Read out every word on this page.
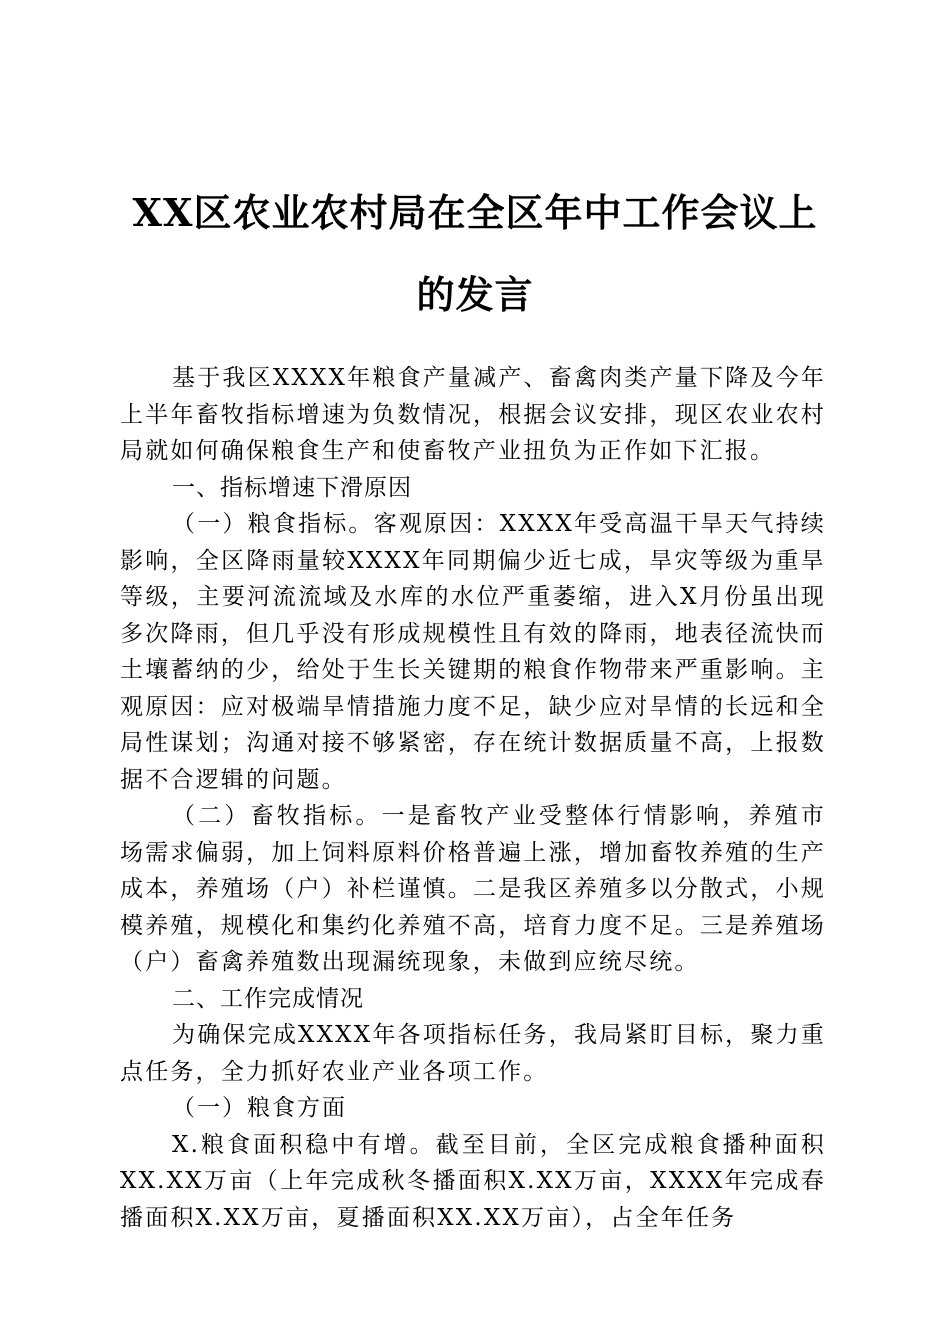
XX区农业农村局在全区年中工作会议上的发言

基于我区XXXX年粮食产量减产、畜禽肉类产量下降及今年上半年畜牧指标增速为负数情况，根据会议安排，现区农业农村局就如何确保粮食生产和使畜牧产业扭负为正作如下汇报。

一、指标增速下滑原因

（一）粮食指标。客观原因：XXXX年受高温干旱天气持续影响，全区降雨量较XXXX年同期偏少近七成，旱灾等级为重旱等级，主要河流流域及水库的水位严重萎缩，进入X月份虽出现多次降雨，但几乎没有形成规模性且有效的降雨，地表径流快而土壤蓄纳的少，给处于生长关键期的粮食作物带来严重影响。主观原因：应对极端旱情措施力度不足，缺少应对旱情的长远和全局性谋划；沟通对接不够紧密，存在统计数据质量不高，上报数据不合逻辑的问题。

（二）畜牧指标。一是畜牧产业受整体行情影响，养殖市场需求偏弱，加上饲料原料价格普遍上涨，增加畜牧养殖的生产成本，养殖场（户）补栏谨慎。二是我区养殖多以分散式，小规模养殖，规模化和集约化养殖不高，培育力度不足。三是养殖场（户）畜禽养殖数出现漏统现象，未做到应统尽统。

二、工作完成情况

为确保完成XXXX年各项指标任务，我局紧盯目标，聚力重点任务，全力抓好农业产业各项工作。

（一）粮食方面

X.粮食面积稳中有增。截至目前，全区完成粮食播种面积XX.XX万亩（上年完成秋冬播面积X.XX万亩，XXXX年完成春播面积X.XX万亩，夏播面积XX.XX万亩），占全年任务
